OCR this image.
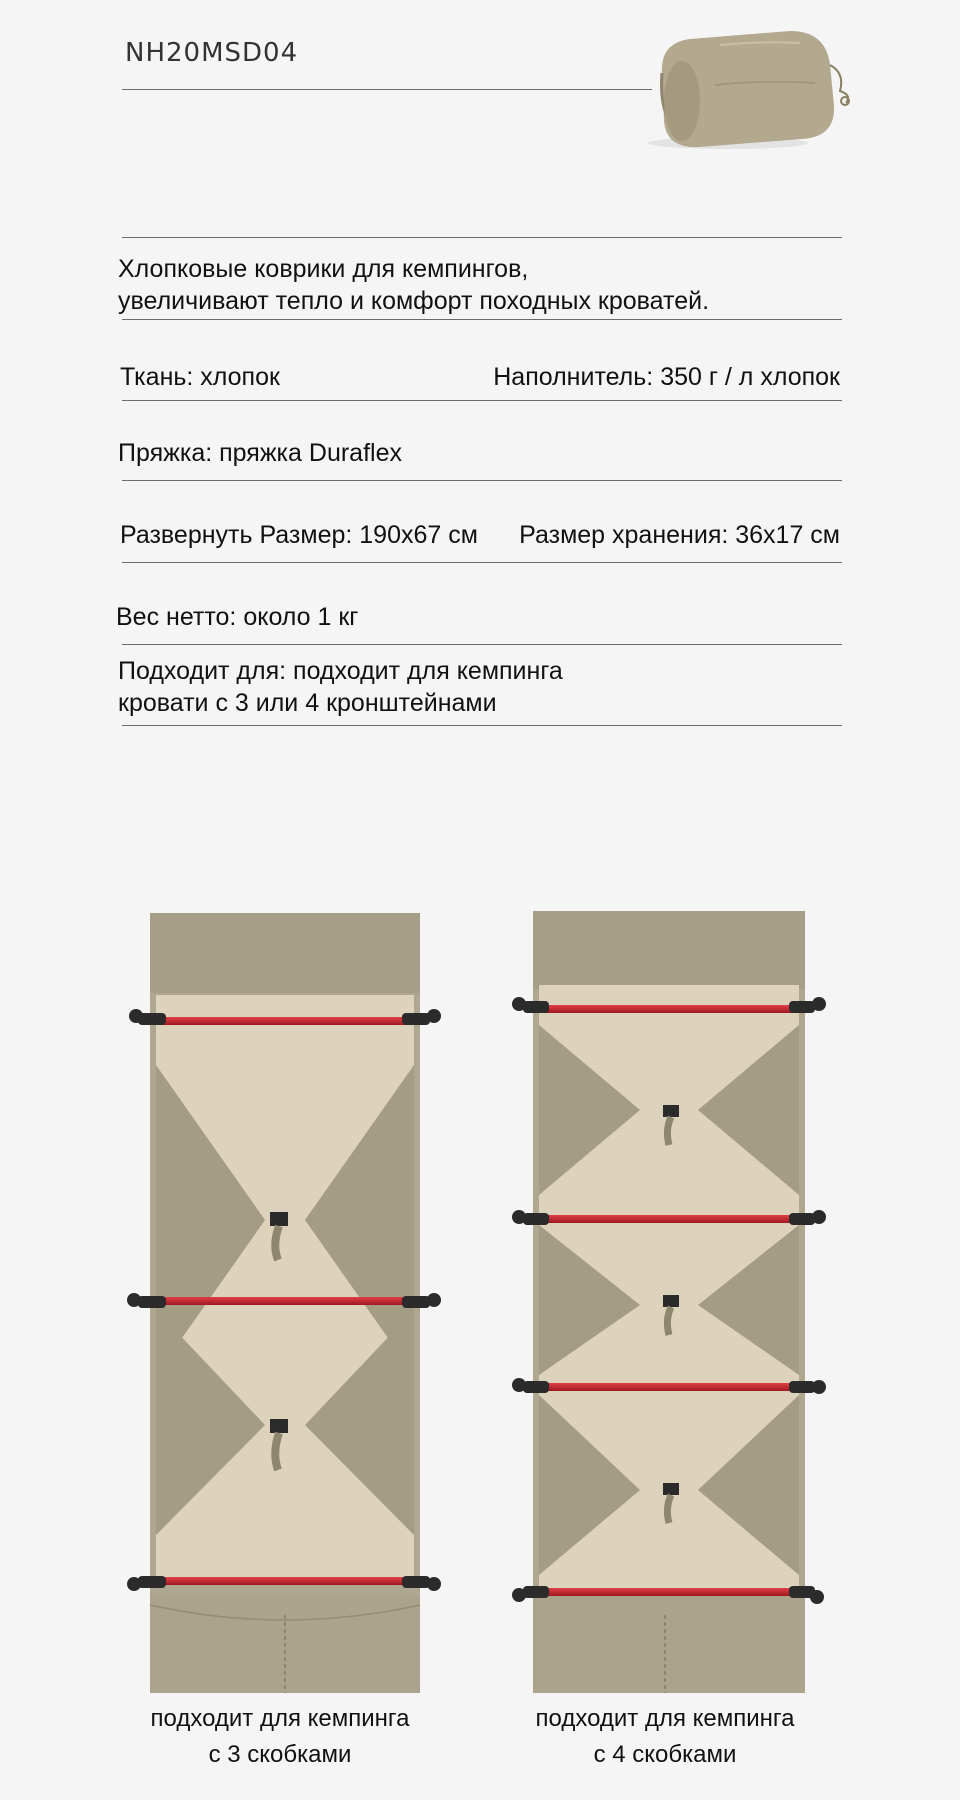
NH20MSD04
Хлопковые коврики для кемпингов,
увеличивают тепло и комфорт походных кроватей.
Ткань: хлопок	Наполнитель: 350 г / л хлопок
Пряжка: пряжка Duraflex
Развернуть Размер: 190x67 см Размер хранения: 36x17 см
Вес нетто: около 1 кг
Подходит для: подходит для кемпинга
кровати с 3 или 4 кронштейнами
подходит для кемпинга
с 3 скобками
подходит для кемпинга
с 4 скобками
